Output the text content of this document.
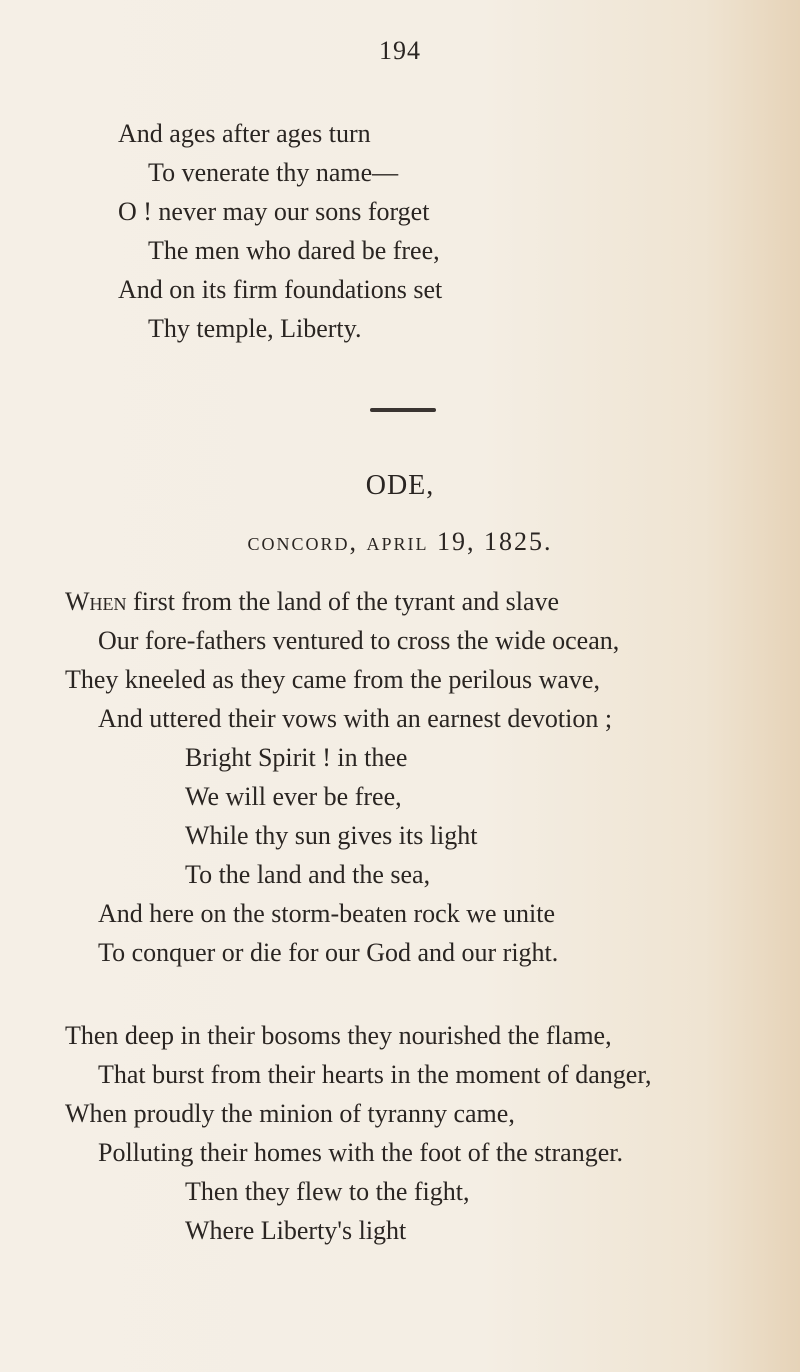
194
And ages after ages turn
To venerate thy name—
O ! never may our sons forget
The men who dared be free,
And on its firm foundations set
Thy temple, Liberty.
ODE,
concord, april 19, 1825.
When first from the land of the tyrant and slave
Our fore-fathers ventured to cross the wide ocean,
They kneeled as they came from the perilous wave,
And uttered their vows with an earnest devotion ;
Bright Spirit ! in thee
We will ever be free,
While thy sun gives its light
To the land and the sea,
And here on the storm-beaten rock we unite
To conquer or die for our God and our right.
Then deep in their bosoms they nourished the flame,
That burst from their hearts in the moment of danger,
When proudly the minion of tyranny came,
Polluting their homes with the foot of the stranger.
Then they flew to the fight,
Where Liberty's light
